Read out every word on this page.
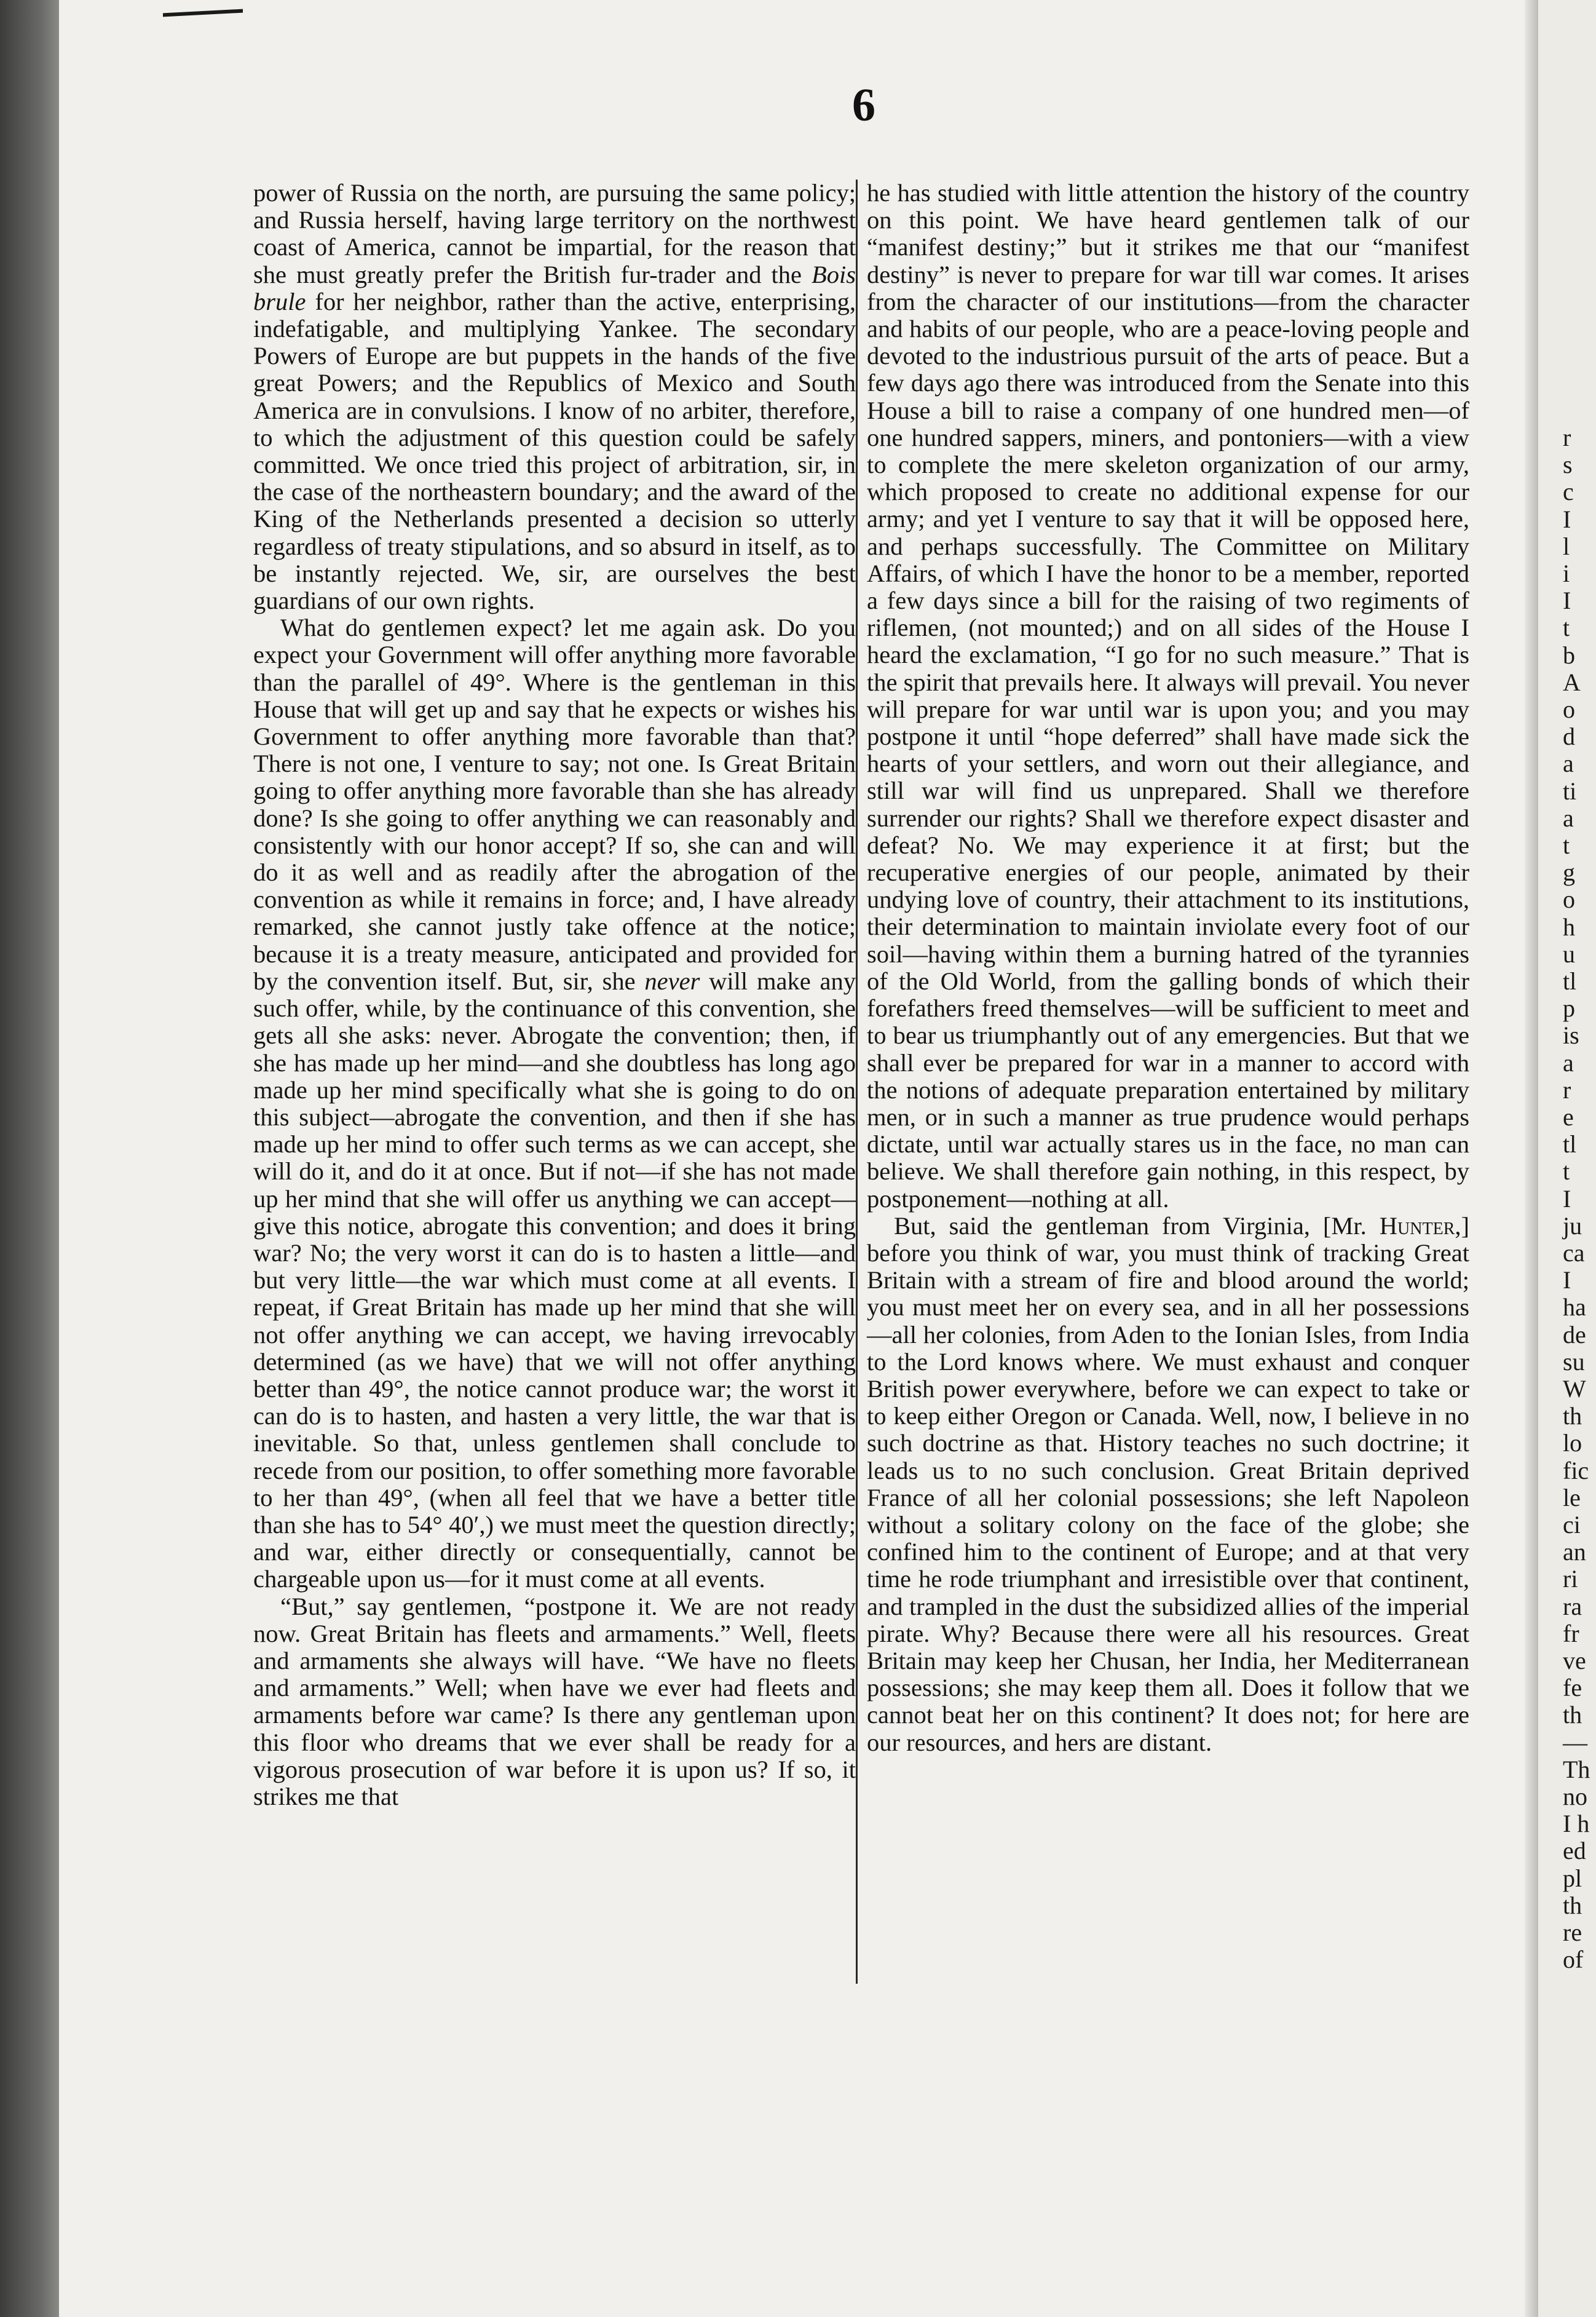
6

power of Russia on the north, are pursuing the same policy; and Russia herself, having large territory on the northwest coast of America, cannot be impartial, for the reason that she must greatly prefer the British fur-trader and the Bois brule for her neighbor, rather than the active, enterprising, indefatigable, and multiplying Yankee. The secondary Powers of Europe are but puppets in the hands of the five great Powers; and the Republics of Mexico and South America are in convulsions. I know of no arbiter, therefore, to which the adjustment of this question could be safely committed. We once tried this project of arbitration, sir, in the case of the northeastern boundary; and the award of the King of the Netherlands presented a decision so utterly regardless of treaty stipulations, and so absurd in itself, as to be instantly rejected. We, sir, are ourselves the best guardians of our own rights.

What do gentlemen expect? let me again ask. Do you expect your Government will offer anything more favorable than the parallel of 49°. Where is the gentleman in this House that will get up and say that he expects or wishes his Government to offer anything more favorable than that? There is not one, I venture to say; not one. Is Great Britain going to offer anything more favorable than she has already done? Is she going to offer anything we can reasonably and consistently with our honor accept? If so, she can and will do it as well and as readily after the abrogation of the convention as while it remains in force; and, I have already remarked, she cannot justly take offence at the notice; because it is a treaty measure, anticipated and provided for by the convention itself. But, sir, she never will make any such offer, while, by the continuance of this convention, she gets all she asks: never. Abrogate the convention; then, if she has made up her mind—and she doubtless has long ago made up her mind specifically what she is going to do on this subject—abrogate the convention, and then if she has made up her mind to offer such terms as we can accept, she will do it, and do it at once. But if not—if she has not made up her mind that she will offer us anything we can accept—give this notice, abrogate this convention; and does it bring war? No; the very worst it can do is to hasten a little—and but very little—the war which must come at all events. I repeat, if Great Britain has made up her mind that she will not offer anything we can accept, we having irrevocably determined (as we have) that we will not offer anything better than 49°, the notice cannot produce war; the worst it can do is to hasten, and hasten a very little, the war that is inevitable. So that, unless gentlemen shall conclude to recede from our position, to offer something more favorable to her than 49°, (when all feel that we have a better title than she has to 54° 40′,) we must meet the question directly; and war, either directly or consequentially, cannot be chargeable upon us—for it must come at all events.

“But,” say gentlemen, “postpone it. We are not ready now. Great Britain has fleets and armaments.” Well, fleets and armaments she always will have. “We have no fleets and armaments.” Well; when have we ever had fleets and armaments before war came? Is there any gentleman upon this floor who dreams that we ever shall be ready for a vigorous prosecution of war before it is upon us? If so, it strikes me that

he has studied with little attention the history of the country on this point. We have heard gentlemen talk of our “manifest destiny;” but it strikes me that our “manifest destiny” is never to prepare for war till war comes. It arises from the character of our institutions—from the character and habits of our people, who are a peace-loving people and devoted to the industrious pursuit of the arts of peace. But a few days ago there was introduced from the Senate into this House a bill to raise a company of one hundred men—of one hundred sappers, miners, and pontoniers—with a view to complete the mere skeleton organization of our army, which proposed to create no additional expense for our army; and yet I venture to say that it will be opposed here, and perhaps successfully. The Committee on Military Affairs, of which I have the honor to be a member, reported a few days since a bill for the raising of two regiments of riflemen, (not mounted;) and on all sides of the House I heard the exclamation, “I go for no such measure.” That is the spirit that prevails here. It always will prevail. You never will prepare for war until war is upon you; and you may postpone it until “hope deferred” shall have made sick the hearts of your settlers, and worn out their allegiance, and still war will find us unprepared. Shall we therefore surrender our rights? Shall we therefore expect disaster and defeat? No. We may experience it at first; but the recuperative energies of our people, animated by their undying love of country, their attachment to its institutions, their determination to maintain inviolate every foot of our soil—having within them a burning hatred of the tyrannies of the Old World, from the galling bonds of which their forefathers freed themselves—will be sufficient to meet and to bear us triumphantly out of any emergencies. But that we shall ever be prepared for war in a manner to accord with the notions of adequate preparation entertained by military men, or in such a manner as true prudence would perhaps dictate, until war actually stares us in the face, no man can believe. We shall therefore gain nothing, in this respect, by postponement—nothing at all.

But, said the gentleman from Virginia, [Mr. Hunter,] before you think of war, you must think of tracking Great Britain with a stream of fire and blood around the world; you must meet her on every sea, and in all her possessions—all her colonies, from Aden to the Ionian Isles, from India to the Lord knows where. We must exhaust and conquer British power everywhere, before we can expect to take or to keep either Oregon or Canada. Well, now, I believe in no such doctrine as that. History teaches no such doctrine; it leads us to no such conclusion. Great Britain deprived France of all her colonial possessions; she left Napoleon without a solitary colony on the face of the globe; she confined him to the continent of Europe; and at that very time he rode triumphant and irresistible over that continent, and trampled in the dust the subsidized allies of the imperial pirate. Why? Because there were all his resources. Great Britain may keep her Chusan, her India, her Mediterranean possessions; she may keep them all. Does it follow that we cannot beat her on this continent? It does not; for here are our resources, and hers are distant.

r
s
c
I
l
i
I
t
b
A
o
d
a
ti
a
t
g
o
h
u
tl
p
is
a
r
e
tl
t
I
ju
ca
I
ha
de
su
W
th
lo
fic
le
ci
an
ri
ra
fr
ve
fe
th
—
Th
no
I h
ed
pl
th
re
of
